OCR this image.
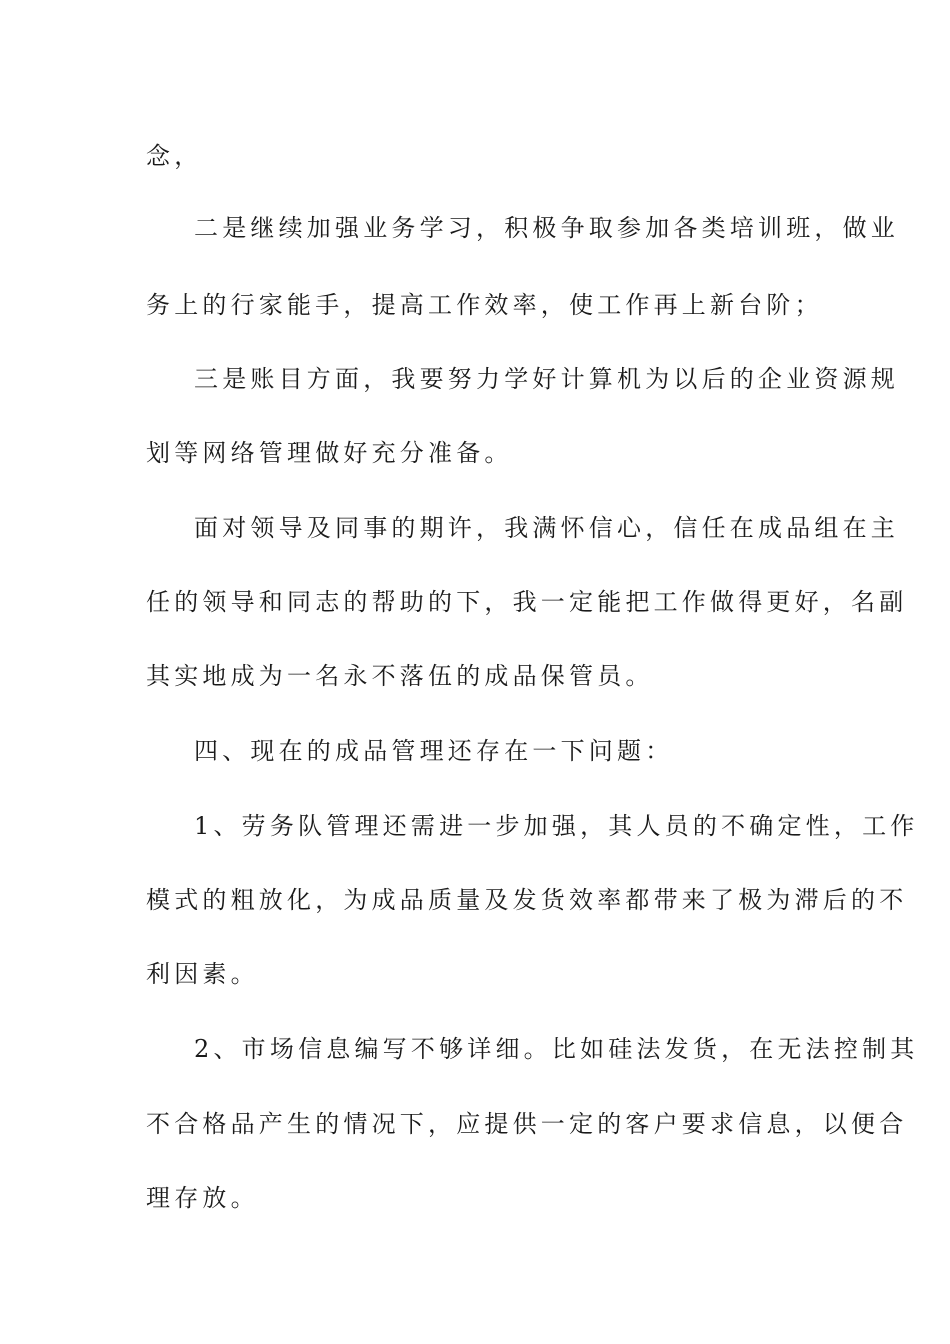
念，
二是继续加强业务学习，积极争取参加各类培训班，做业
务上的行家能手，提高工作效率，使工作再上新台阶；
三是账目方面，我要努力学好计算机为以后的企业资源规
划等网络管理做好充分准备。
面对领导及同事的期许，我满怀信心，信任在成品组在主
任的领导和同志的帮助的下，我一定能把工作做得更好，名副
其实地成为一名永不落伍的成品保管员。
四、现在的成品管理还存在一下问题：
1、劳务队管理还需进一步加强，其人员的不确定性，工作
模式的粗放化，为成品质量及发货效率都带来了极为滞后的不
利因素。
2、市场信息编写不够详细。比如硅法发货，在无法控制其
不合格品产生的情况下，应提供一定的客户要求信息，以便合
理存放。
